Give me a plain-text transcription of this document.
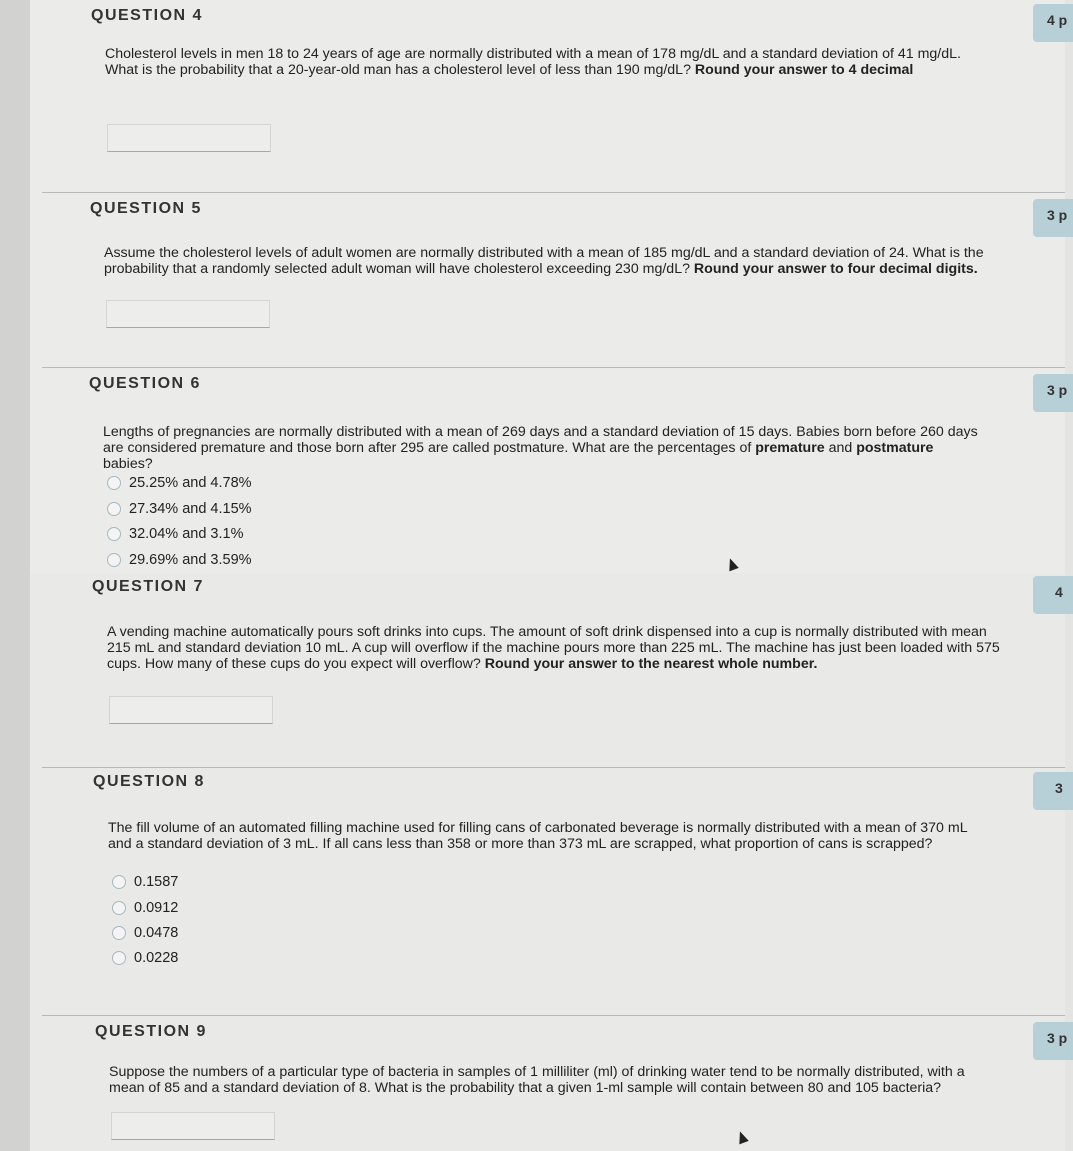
QUESTION 4	4 p
Cholesterol levels in men 18 to 24 years of age are normally distributed with a mean of 178 mg/dL and a standard deviation of 41 mg/dL. What is the probability that a 20-year-old man has a cholesterol level of less than 190 mg/dL? Round your answer to 4 decimal
QUESTION 5	3 p
Assume the cholesterol levels of adult women are normally distributed with a mean of 185 mg/dL and a standard deviation of 24. What is the probability that a randomly selected adult woman will have cholesterol exceeding 230 mg/dL? Round your answer to four decimal digits.
QUESTION 6	3 p
Lengths of pregnancies are normally distributed with a mean of 269 days and a standard deviation of 15 days. Babies born before 260 days are considered premature and those born after 295 are called postmature. What are the percentages of premature and postmature babies?
25.25% and 4.78%
27.34% and 4.15%
32.04% and 3.1%
29.69% and 3.59%
QUESTION 7	4
A vending machine automatically pours soft drinks into cups. The amount of soft drink dispensed into a cup is normally distributed with mean 215 mL and standard deviation 10 mL. A cup will overflow if the machine pours more than 225 mL. The machine has just been loaded with 575 cups. How many of these cups do you expect will overflow? Round your answer to the nearest whole number.
QUESTION 8	3
The fill volume of an automated filling machine used for filling cans of carbonated beverage is normally distributed with a mean of 370 mL and a standard deviation of 3 mL. If all cans less than 358 or more than 373 mL are scrapped, what proportion of cans is scrapped?
0.1587
0.0912
0.0478
0.0228
QUESTION 9	3 p
Suppose the numbers of a particular type of bacteria in samples of 1 milliliter (ml) of drinking water tend to be normally distributed, with a mean of 85 and a standard deviation of 8. What is the probability that a given 1-ml sample will contain between 80 and 105 bacteria?
